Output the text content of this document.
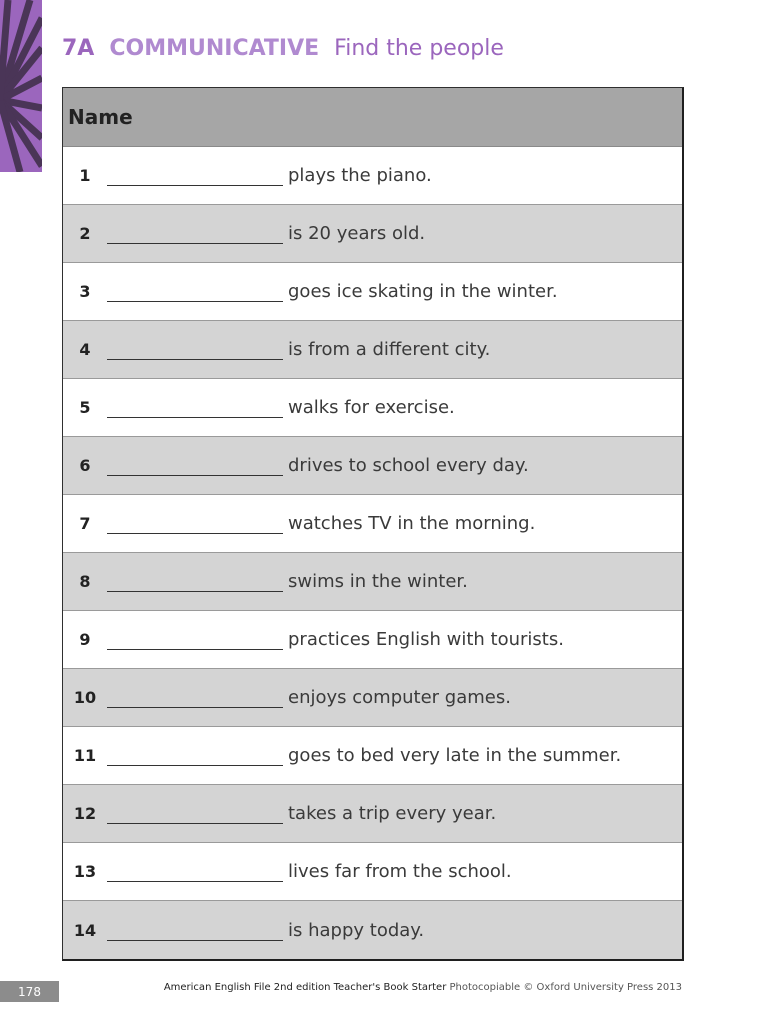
7A COMMUNICATIVE Find the people
Name
1	plays the piano.
2	is 20 years old.
3	goes ice skating in the winter.
4	is from a different city.
5	walks for exercise.
6	drives to school every day.
7	watches TV in the morning.
8	swims in the winter.
9	practices English with tourists.
10	enjoys computer games.
11	goes to bed very late in the summer.
12	takes a trip every year.
13	lives far from the school.
14	is happy today.
178	American English File 2nd edition Teacher's Book Starter Photocopiable © Oxford University Press 2013
